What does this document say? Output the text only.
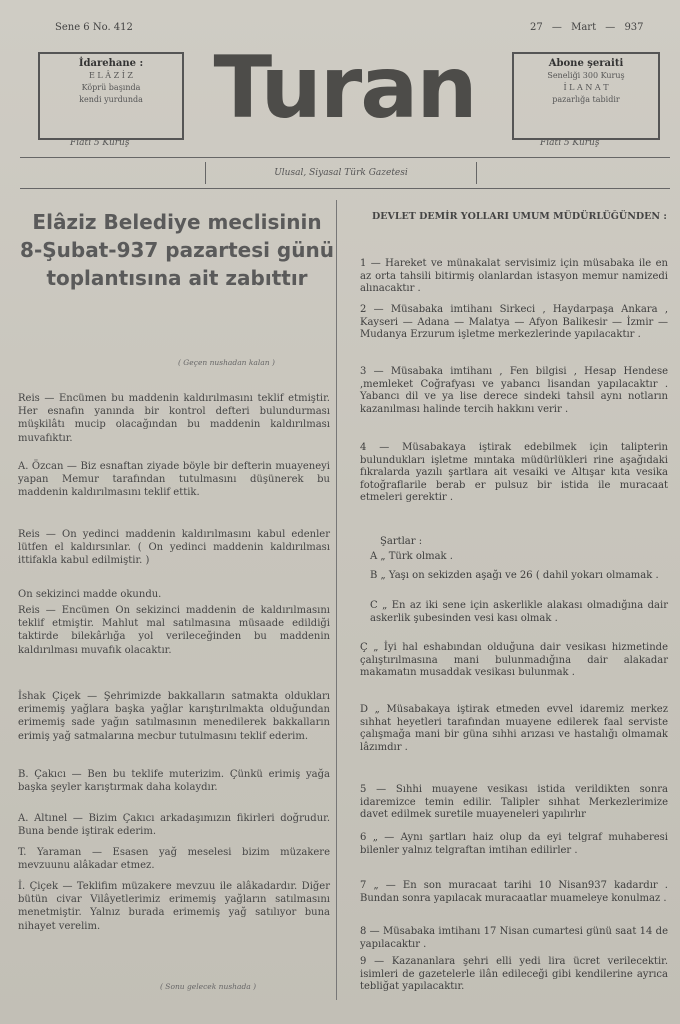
Sene 6 No. 412	27 — Mart — 937
İdarehane :
E L Â Z İ Z
Köprü başında
kendi yurdunda
Fiatı 5 Kuruş
Turan	Abone şeraiti
Seneliği 300 Kuruş
İ L A N A T
pazarlığa tabidir
Fiatı 5 Kuruş
Ulusal, Siyasal Türk Gazetesi
Elâziz Belediye meclisinin 8-Şubat-937 pazartesi günü toplantısına ait zabıttır
( Geçen nushadan kalan )
Reis — Encümen bu maddenin kaldırılmasını teklif etmiştir. Her esnafın yanında bir kontrol defteri bulundurması müşkilâtı mucip olacağından bu maddenin kaldırılması muvafıktır.
A. Özcan — Biz esnaftan ziyade böyle bir defterin muayeneyi yapan Memur tarafından tutulmasını düşünerek bu maddenin kaldırılmasını teklif ettik.
Reis — On yedinci maddenin kaldırılmasını kabul edenler lütfen el kaldırsınlar. ( On yedinci maddenin kaldırılması ittifakla kabul edilmiştir. )
On sekizinci madde okundu.
Reis — Encümen On sekizinci maddenin de kaldırılmasını teklif etmiştir. Mahlut mal satılmasına müsaade edildiği taktirde bilekârlığa yol verileceğinden bu maddenin kaldırılması muvafık olacaktır.
İshak Çiçek — Şehrimizde bakkalların satmakta oldukları erimemiş yağlara başka yağlar karıştırılmakta olduğundan erimemiş sade yağın satılmasının menedilerek bakkalların erimiş yağ satmalarına mecbur tutulmasını teklif ederim.
B. Çakıcı — Ben bu teklife muterizim. Çünkü erimiş yağa başka şeyler karıştırmak daha kolaydır.
A. Altınel — Bizim Çakıcı arkadaşımızın fikirleri doğrudur. Buna bende iştirak ederim.
T. Yaraman — Esasen yağ meselesi bizim müzakere mevzuunu alâkadar etmez.
İ. Çiçek — Teklifim müzakere mevzuu ile alâkadardır. Diğer bütün civar Vilâyetlerimiz erimemiş yağların satılmasını menetmiştir. Yalnız burada erimemiş yağ satılıyor buna nihayet verelim.
( Sonu gelecek nushada )
DEVLET DEMİR YOLLARI UMUM MÜDÜRLÜĞÜNDEN :
1 — Hareket ve münakalat servisimiz için müsabaka ile en az orta tahsili bitirmiş olanlardan istasyon memur namizedi alınacaktır .
2 — Müsabaka imtihanı Sirkeci , Haydarpaşa Ankara , Kayseri — Adana — Malatya — Afyon Balikesir — İzmir — Mudanya Erzurum işletme merkezlerinde yapılacaktır .
3 — Müsabaka imtihanı , Fen bilgisi , Hesap Hendese ,memleket Coğrafyası ve yabancı lisandan yapılacaktır . Yabancı dil ve ya lise derece sindeki tahsil aynı notların kazanılması halinde tercih hakkını verir .
4 — Müsabakaya iştirak edebilmek için talipterin bulundukları işletme mıntaka müdürlükleri rine aşağıdaki fıkralarda yazılı şartlara ait vesaiki ve Altışar kıta vesika fotoğraflarile berab er pulsuz bir istida ile muracaat etmeleri gerektir .
Şartlar :
A „ Türk olmak .
B „ Yaşı on sekizden aşağı ve 26 ( dahil yokarı olmamak .
C „ En az iki sene için askerlikle alakası olmadığına dair askerlik şubesinden vesi kası olmak .
Ç „ İyi hal eshabından olduğuna dair vesikası hizmetinde çalıştırılmasına mani bulunmadığına dair alakadar makamatın musaddak vesikası bulunmak .
D „ Müsabakaya iştirak etmeden evvel idaremiz merkez sıhhat heyetleri tarafından muayene edilerek faal serviste çalışmağa mani bir güna sıhhi arızası ve hastalığı olmamak lâzımdır .
5 — Sıhhi muayene vesikası istida verildikten sonra idaremizce temin edilir. Talipler sıhhat Merkezlerimize davet edilmek suretile muayeneleri yapılırlır
6 „ — Aynı şartları haiz olup da eyi telgraf muhaberesi bilenler yalnız telgraftan imtihan edilirler .
7 „ — En son muracaat tarihi 10 Nisan937 kadardır . Bundan sonra yapılacak muracaatlar muameleye konulmaz .
8 — Müsabaka imtihanı 17 Nisan cumartesi günü saat 14 de yapılacaktır .
9 — Kazananlara şehri elli yedi lira ücret verilecektir. isimleri de gazetelerle ilân edileceği gibi kendilerine ayrıca tebliğat yapılacaktır.
